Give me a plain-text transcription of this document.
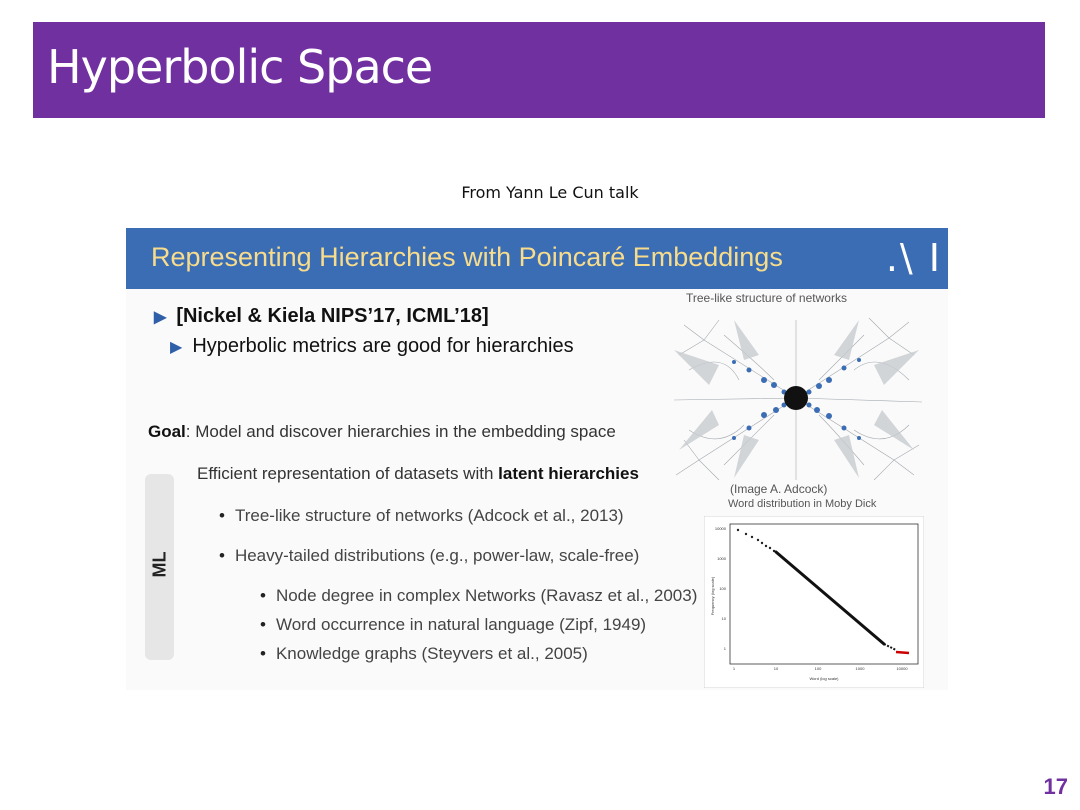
Hyperbolic Space
From Yann Le Cun talk
Representing Hierarchies with Poincaré Embeddings	.\ I
▶ [Nickel & Kiela NIPS’17, ICML’18]
▶ Hyperbolic metrics are good for hierarchies
Goal: Model and discover hierarchies in the embedding space
ML
Efficient representation of datasets with latent hierarchies
• Tree-like structure of networks (Adcock et al., 2013)
• Heavy-tailed distributions (e.g., power-law, scale-free)
• Node degree in complex Networks (Ravasz et al., 2003)
• Word occurrence in natural language (Zipf, 1949)
• Knowledge graphs (Steyvers et al., 2005)
Tree-like structure of networks
(Image A. Adcock)
Word distribution in Moby Dick
Frequency (log scale)
Word (log scale)
10000
1000
100
10
1
1	10	100	1000	10000
17
